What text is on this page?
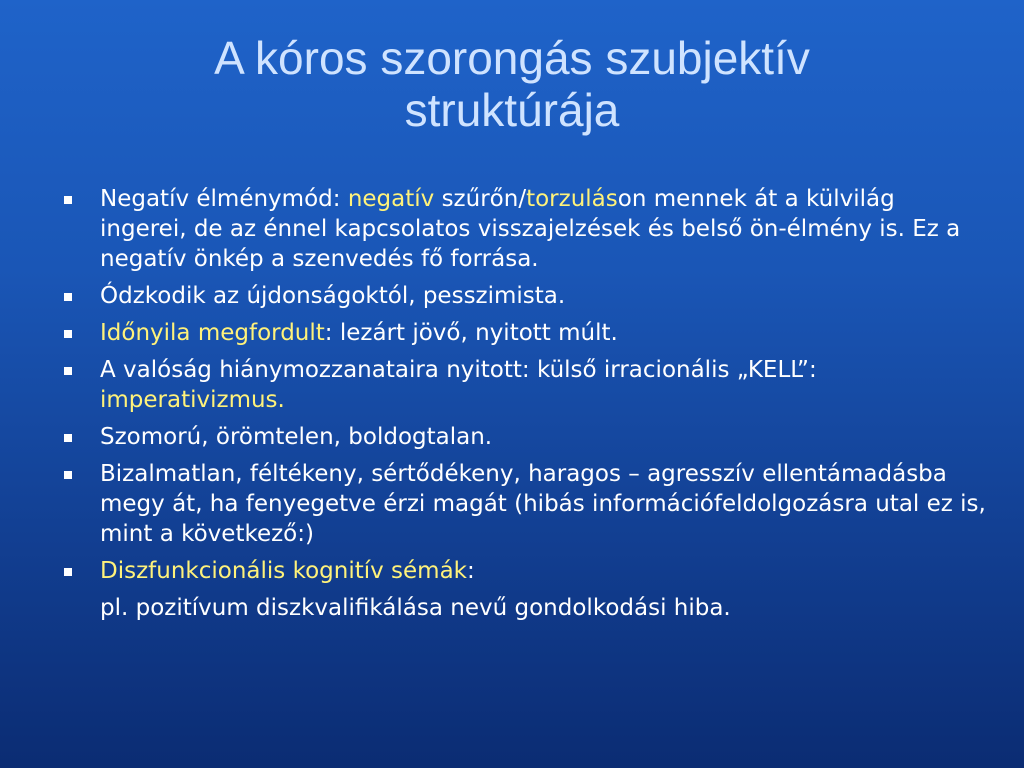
A kóros szorongás szubjektív
struktúrája
Negatív élménymód: negatív szűrőn/torzuláson mennek át a külvilág ingerei, de az énnel kapcsolatos visszajelzések és belső ön-élmény is. Ez a negatív önkép a szenvedés fő forrása.
Ódzkodik az újdonságoktól, pesszimista.
Időnyila megfordult: lezárt jövő, nyitott múlt.
A valóság hiánymozzanataira nyitott: külső irracionális „KELL”: imperativizmus.
Szomorú, örömtelen, boldogtalan.
Bizalmatlan, féltékeny, sértődékeny, haragos – agresszív ellentámadásba megy át, ha fenyegetve érzi magát (hibás információfeldolgozásra utal ez is, mint a következő:)
Diszfunkcionális kognitív sémák:
pl. pozitívum diszkvalifikálása nevű gondolkodási hiba.
